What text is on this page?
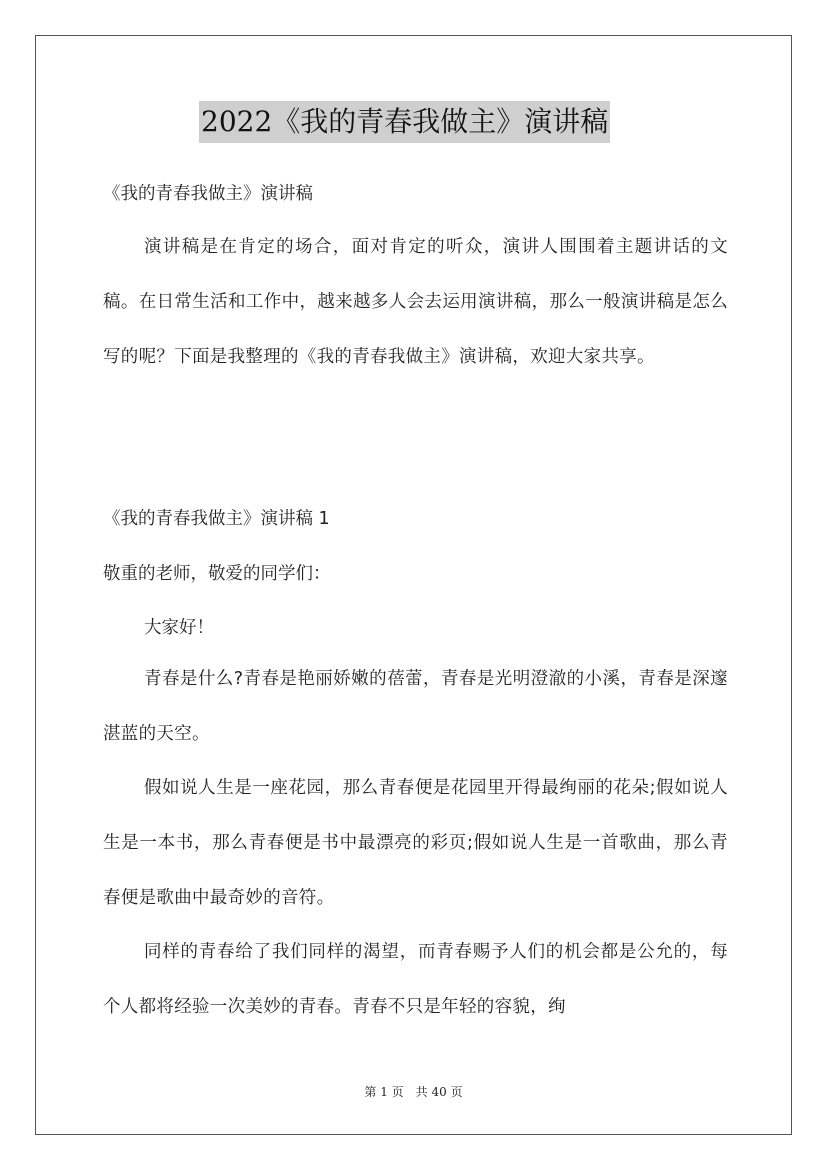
2022《我的青春我做主》演讲稿
《我的青春我做主》演讲稿
演讲稿是在肯定的场合，面对肯定的听众，演讲人围围着主题讲话的文稿。在日常生活和工作中，越来越多人会去运用演讲稿，那么一般演讲稿是怎么写的呢？下面是我整理的《我的青春我做主》演讲稿，欢迎大家共享。
《我的青春我做主》演讲稿 1
敬重的老师，敬爱的同学们：
大家好！
青春是什么?青春是艳丽娇嫩的蓓蕾，青春是光明澄澈的小溪，青春是深邃湛蓝的天空。
假如说人生是一座花园，那么青春便是花园里开得最绚丽的花朵;假如说人生是一本书，那么青春便是书中最漂亮的彩页;假如说人生是一首歌曲，那么青春便是歌曲中最奇妙的音符。
同样的青春给了我们同样的渴望，而青春赐予人们的机会都是公允的，每个人都将经验一次美妙的青春。青春不只是年轻的容貌，绚
第 1 页　共 40 页
